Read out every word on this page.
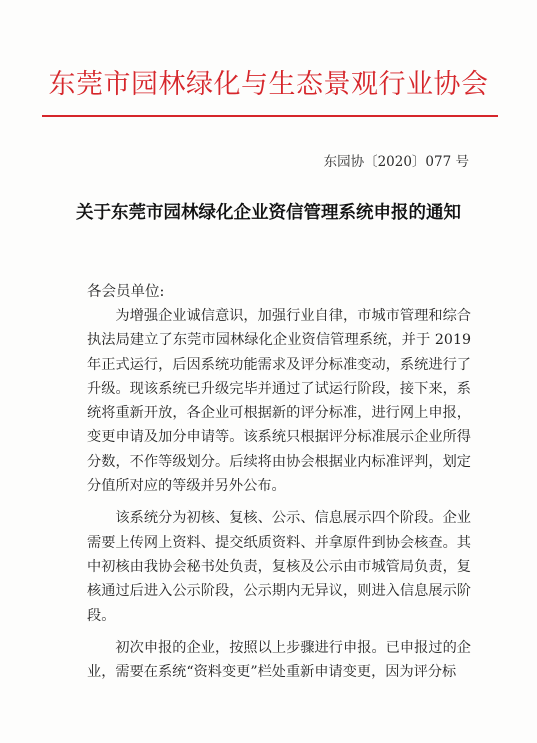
东莞市园林绿化与生态景观行业协会
东园协〔2020〕077 号
关于东莞市园林绿化企业资信管理系统申报的通知
各会员单位:

为增强企业诚信意识，加强行业自律，市城市管理和综合执法局建立了东莞市园林绿化企业资信管理系统，并于 2019 年正式运行，后因系统功能需求及评分标准变动，系统进行了升级。现该系统已升级完毕并通过了试运行阶段，接下来，系统将重新开放，各企业可根据新的评分标准，进行网上申报，变更申请及加分申请等。该系统只根据评分标准展示企业所得分数，不作等级划分。后续将由协会根据业内标准评判，划定分值所对应的等级并另外公布。

该系统分为初核、复核、公示、信息展示四个阶段。企业需要上传网上资料、提交纸质资料、并拿原件到协会核查。其中初核由我协会秘书处负责，复核及公示由市城管局负责，复核通过后进入公示阶段，公示期内无异议，则进入信息展示阶段。

初次申报的企业，按照以上步骤进行申报。已申报过的企业，需要在系统“资料变更”栏处重新申请变更，因为评分标
